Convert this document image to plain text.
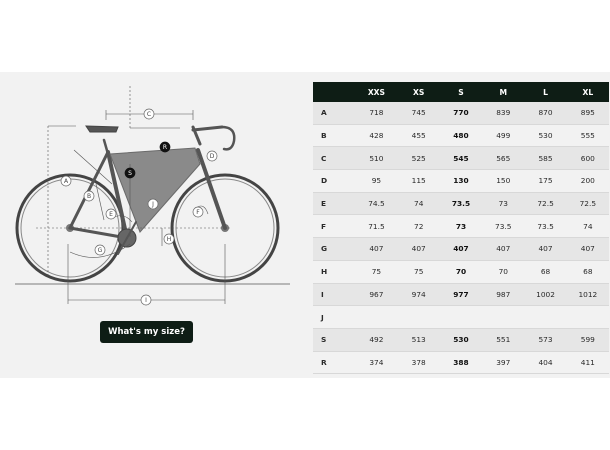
A
B
C
D
E	F
G
H
I
J
R
S
What's my size?
	XXS	XS	S	M	L	XL
A	718	745	770	839	870	895
B	428	455	480	499	530	555
C	510	525	545	565	585	600
D	95	115	130	150	175	200
E	74.5	74	73.5	73	72.5	72.5
F	71.5	72	73	73.5	73.5	74
G	407	407	407	407	407	407
H	75	75	70	70	68	68
I	967	974	977	987	1002	1012
J						
S	492	513	530	551	573	599
R	374	378	388	397	404	411
